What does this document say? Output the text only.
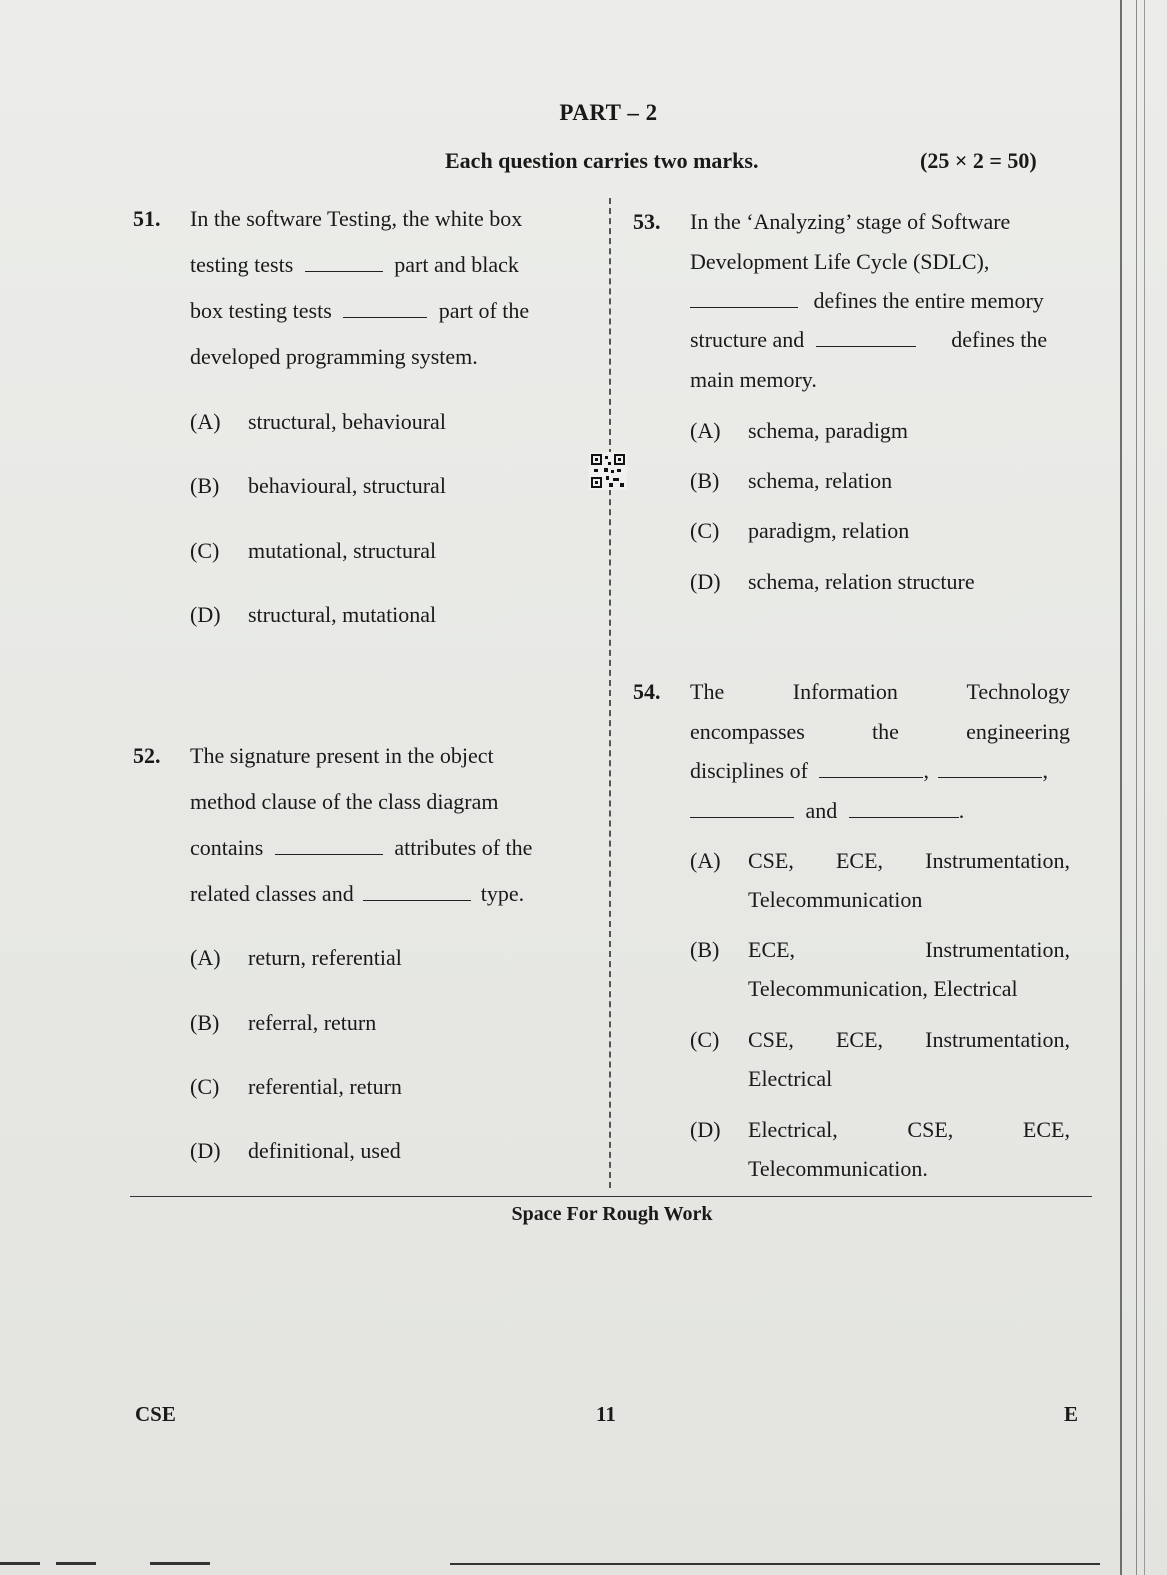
PART – 2
Each question carries two marks.	(25 × 2 = 50)
51. In the software Testing, the white box
testing tests	part and black
box testing tests	part of the
developed programming system.
(A) structural, behavioural
(B) behavioural, structural
(C) mutational, structural
(D) structural, mutational
52. The signature present in the object
method clause of the class diagram
contains	attributes of the
related classes and	type.
(A) return, referential
(B) referral, return
(C) referential, return
(D) definitional, used
53. In the ‘Analyzing’ stage of Software
Development Life Cycle (SDLC),
defines the entire memory
structure and	defines the
main memory.
(A) schema, paradigm
(B) schema, relation
(C) paradigm, relation
(D) schema, relation structure
54. The	Information	Technology
encompasses	the	engineering
disciplines of	,	,
and	.
(A) CSE, ECE, Instrumentation,
Telecommunication
(B) ECE,	Instrumentation,
Telecommunication, Electrical
(C) CSE, ECE, Instrumentation,
Electrical
(D) Electrical,	CSE,	ECE,
Telecommunication.
Space For Rough Work
CSE	11	E
